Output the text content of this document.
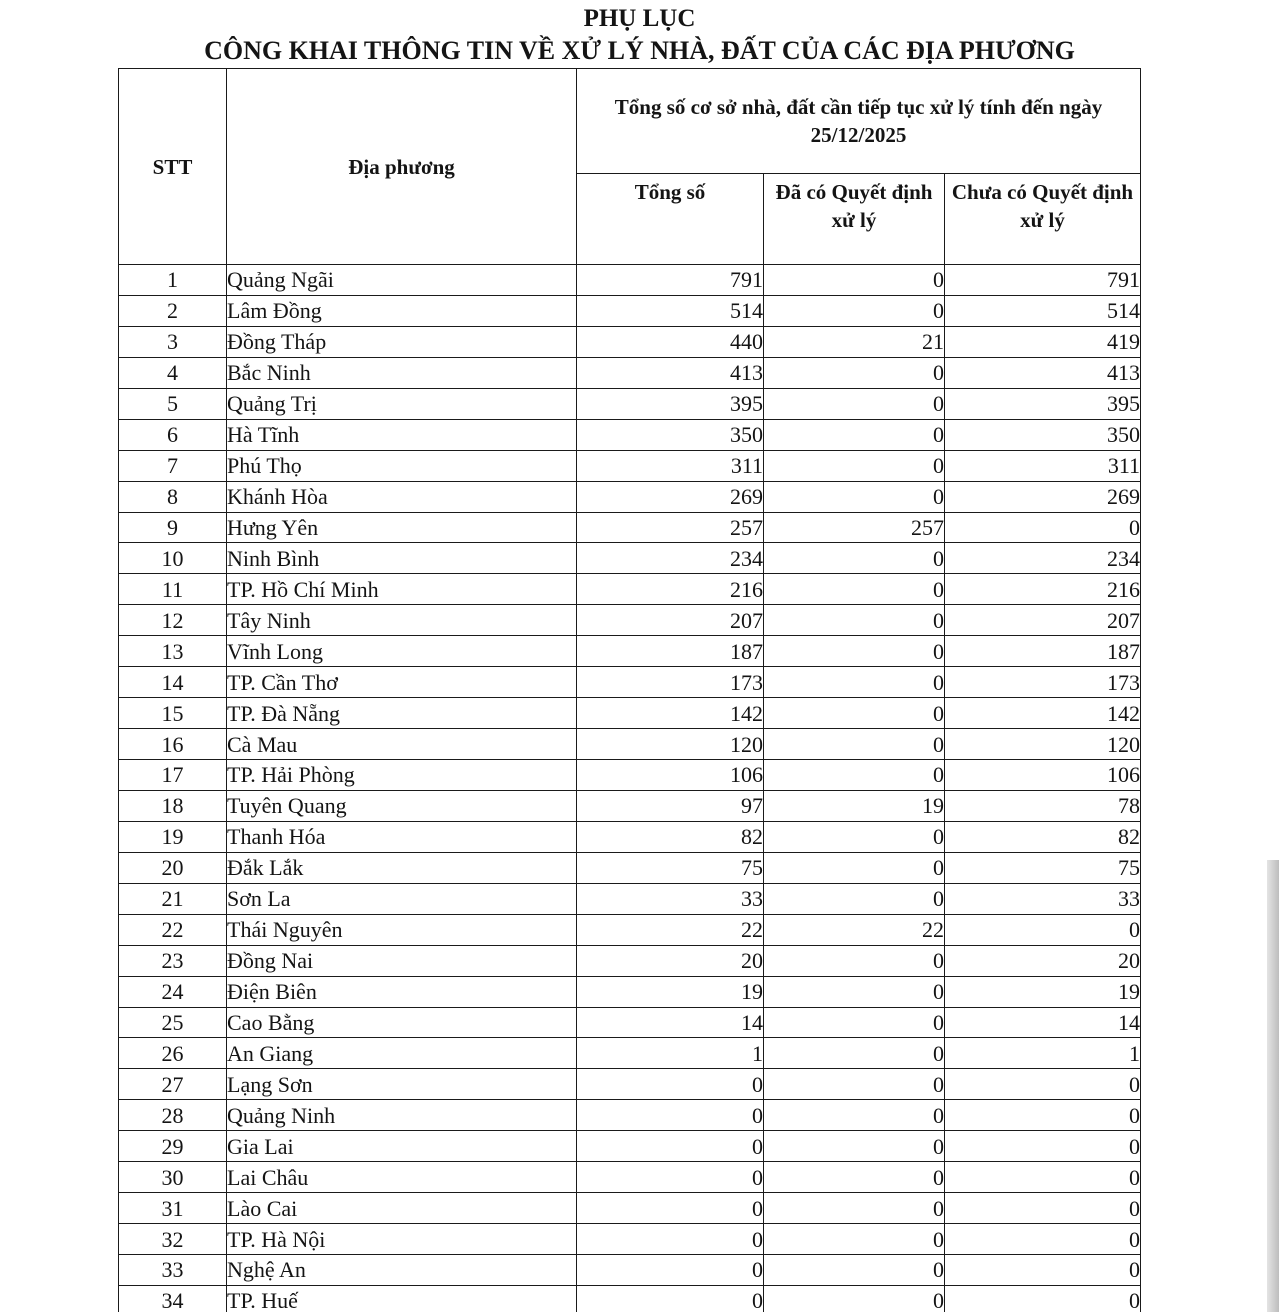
PHỤ LỤC
CÔNG KHAI THÔNG TIN VỀ XỬ LÝ NHÀ, ĐẤT CỦA CÁC ĐỊA PHƯƠNG
STT	Địa phương	Tổng số cơ sở nhà, đất cần tiếp tục xử lý tính đến ngày 25/12/2025		
		Tổng số	Đã có Quyết định xử lý	Chưa có Quyết định xử lý
1	Quảng Ngãi	791	0	791
2	Lâm Đồng	514	0	514
3	Đồng Tháp	440	21	419
4	Bắc Ninh	413	0	413
5	Quảng Trị	395	0	395
6	Hà Tĩnh	350	0	350
7	Phú Thọ	311	0	311
8	Khánh Hòa	269	0	269
9	Hưng Yên	257	257	0
10	Ninh Bình	234	0	234
11	TP. Hồ Chí Minh	216	0	216
12	Tây Ninh	207	0	207
13	Vĩnh Long	187	0	187
14	TP. Cần Thơ	173	0	173
15	TP. Đà Nẵng	142	0	142
16	Cà Mau	120	0	120
17	TP. Hải Phòng	106	0	106
18	Tuyên Quang	97	19	78
19	Thanh Hóa	82	0	82
20	Đắk Lắk	75	0	75
21	Sơn La	33	0	33
22	Thái Nguyên	22	22	0
23	Đồng Nai	20	0	20
24	Điện Biên	19	0	19
25	Cao Bằng	14	0	14
26	An Giang	1	0	1
27	Lạng Sơn	0	0	0
28	Quảng Ninh	0	0	0
29	Gia Lai	0	0	0
30	Lai Châu	0	0	0
31	Lào Cai	0	0	0
32	TP. Hà Nội	0	0	0
33	Nghệ An	0	0	0
34	TP. Huế	0	0	0
